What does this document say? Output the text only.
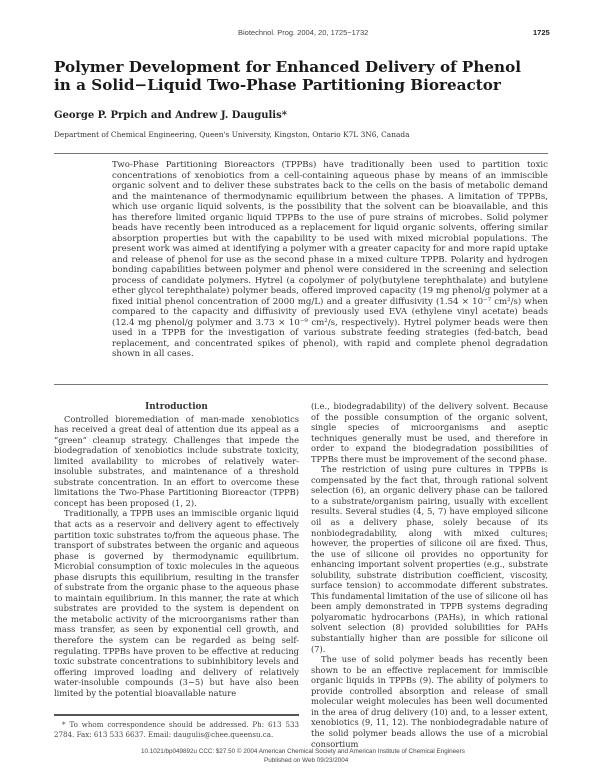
Biotechnol. Prog. 2004, 20, 1725−1732	1725
Polymer Development for Enhanced Delivery of Phenol in a Solid−Liquid Two-Phase Partitioning Bioreactor
George P. Prpich and Andrew J. Daugulis*
Department of Chemical Engineering, Queen's University, Kingston, Ontario K7L 3N6, Canada

Two-Phase Partitioning Bioreactors (TPPBs) have traditionally been used to partition toxic concentrations of xenobiotics from a cell-containing aqueous phase by means of an immiscible organic solvent and to deliver these substrates back to the cells on the basis of metabolic demand and the maintenance of thermodynamic equilibrium between the phases. A limitation of TPPBs, which use organic liquid solvents, is the possibility that the solvent can be bioavailable, and this has therefore limited organic liquid TPPBs to the use of pure strains of microbes. Solid polymer beads have recently been introduced as a replacement for liquid organic solvents, offering similar absorption properties but with the capability to be used with mixed microbial populations. The present work was aimed at identifying a polymer with a greater capacity for and more rapid uptake and release of phenol for use as the second phase in a mixed culture TPPB. Polarity and hydrogen bonding capabilities between polymer and phenol were considered in the screening and selection process of candidate polymers. Hytrel (a copolymer of poly(butylene terephthalate) and butylene ether glycol terephthalate) polymer beads, offered improved capacity (19 mg phenol/g polymer at a fixed initial phenol concentration of 2000 mg/L) and a greater diffusivity (1.54 × 10⁻⁷ cm²/s) when compared to the capacity and diffusivity of previously used EVA (ethylene vinyl acetate) beads (12.4 mg phenol/g polymer and 3.73 × 10⁻⁹ cm²/s, respectively). Hytrel polymer beads were then used in a TPPB for the investigation of various substrate feeding strategies (fed-batch, bead replacement, and concentrated spikes of phenol), with rapid and complete phenol degradation shown in all cases.

Introduction

Controlled bioremediation of man-made xenobiotics has received a great deal of attention due its appeal as a “green” cleanup strategy. Challenges that impede the biodegradation of xenobiotics include substrate toxicity, limited availability to microbes of relatively water-insoluble substrates, and maintenance of a threshold substrate concentration. In an effort to overcome these limitations the Two-Phase Partitioning Bioreactor (TPPB) concept has been proposed (1, 2).

Traditionally, a TPPB uses an immiscible organic liquid that acts as a reservoir and delivery agent to effectively partition toxic substrates to/from the aqueous phase. The transport of substrates between the organic and aqueous phase is governed by thermodynamic equilibrium. Microbial consumption of toxic molecules in the aqueous phase disrupts this equilibrium, resulting in the transfer of substrate from the organic phase to the aqueous phase to maintain equilibrium. In this manner, the rate at which substrates are provided to the system is dependent on the metabolic activity of the microorganisms rather than mass transfer, as seen by exponential cell growth, and therefore the system can be regarded as being self-regulating. TPPBs have proven to be effective at reducing toxic substrate concentrations to subinhibitory levels and offering improved loading and delivery of relatively water-insoluble compounds (3−5) but have also been limited by the potential bioavailable nature

(i.e., biodegradability) of the delivery solvent. Because of the possible consumption of the organic solvent, single species of microorganisms and aseptic techniques generally must be used, and therefore in order to expand the biodegradation possibilities of TPPBs there must be improvement of the second phase.

The restriction of using pure cultures in TPPBs is compensated by the fact that, through rational solvent selection (6), an organic delivery phase can be tailored to a substrate/organism pairing, usually with excellent results. Several studies (4, 5, 7) have employed silicone oil as a delivery phase, solely because of its nonbiodegradability, along with mixed cultures; however, the properties of silicone oil are fixed. Thus, the use of silicone oil provides no opportunity for enhancing important solvent properties (e.g., substrate solubility, substrate distribution coefficient, viscosity, surface tension) to accommodate different substrates. This fundamental limitation of the use of silicone oil has been amply demonstrated in TPPB systems degrading polyaromatic hydrocarbons (PAHs), in which rational solvent selection (8) provided solubilities for PAHs substantially higher than are possible for silicone oil (7).

The use of solid polymer beads has recently been shown to be an effective replacement for immiscible organic liquids in TPPBs (9). The ability of polymers to provide controlled absorption and release of small molecular weight molecules has been well documented in the area of drug delivery (10) and, to a lesser extent, xenobiotics (9, 11, 12). The nonbiodegradable nature of the solid polymer beads allows the use of a microbial consortium

* To whom correspondence should be addressed. Ph: 613 533 2784. Fax: 613 533 6637. Email: daugulis@chee.queensu.ca.
10.1021/bp049892u CCC: $27.50 © 2004 American Chemical Society and American Institute of Chemical Engineers
Published on Web 09/23/2004
